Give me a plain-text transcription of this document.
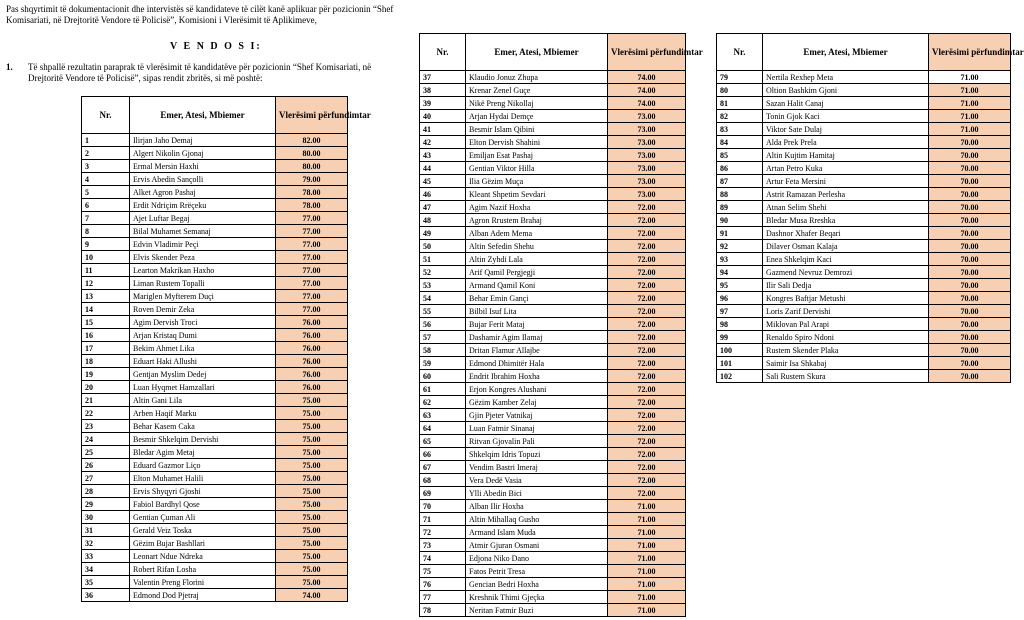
Pas shqyrtimit të dokumentacionit dhe intervistës së kandidateve të cilët kanë aplikuar për pozicionin “Shef Komisariati, në Drejtoritë Vendore të Policisë”, Komisioni i Vlerësimit të Aplikimeve,
V E N D O S I:
1. Të shpallë rezultatin paraprak të vlerësimit të kandidatëve për pozicionin “Shef Komisariati, në Drejtoritë Vendore të Policisë”, sipas rendit zbritës, si më poshtë:
Nr.	Emer, Atesi, Mbiemer	Vlerësimi përfundimtar
1	Ilirjan Jaho Demaj	82.00
2	Algert Nikolin Gjonaj	80.00
3	Ermal Mersin Haxhi	80.00
4	Ervis Abedin Sançolli	79.00
5	Alket Agron Pashaj	78.00
6	Erdit Ndriçim Rrëçeku	78.00
7	Ajet Luftar Begaj	77.00
8	Bilal Muhamet Semanaj	77.00
9	Edvin Vladimir Peçi	77.00
10	Elvis Skender Peza	77.00
11	Learton Makrikan Haxho	77.00
12	Liman Rustem Topalli	77.00
13	Mariglen Myfterem Duçi	77.00
14	Roven Demir Zeka	77.00
15	Agim Dervish Troci	76.00
16	Arjan Kristaq Dumi	76.00
17	Bekim Ahmet Lika	76.00
18	Eduart Haki Allushi	76.00
19	Gentjan Myslim Dedej	76.00
20	Luan Hyqmet Hamzallari	76.00
21	Altin Gani Lila	75.00
22	Arben Haqif Marku	75.00
23	Behar Kasem Caka	75.00
24	Besmir Shkelqim Dervishi	75.00
25	Bledar Agim Metaj	75.00
26	Eduard Gazmor Liço	75.00
27	Elton Muhamet Halili	75.00
28	Ervis Shyqyri Gjoshi	75.00
29	Fabiol Bardhyl Qose	75.00
30	Gentian Çuman Ali	75.00
31	Gerald Veiz Toska	75.00
32	Gëzim Bujar Bashllari	75.00
33	Leonart Ndue Ndreka	75.00
34	Robert Rifan Losha	75.00
35	Valentin Preng Florini	75.00
36	Edmond Dod Pjetraj	74.00
Nr.	Emer, Atesi, Mbiemer	Vlerësimi përfundimtar
37	Klaudio Jonuz Zhupa	74.00
38	Krenar Zenel Guçe	74.00
39	Nikë Preng Nikollaj	74.00
40	Arjan Hydai Demçe	73.00
41	Besmir Islam Qibini	73.00
42	Elton Dervish Shahini	73.00
43	Emiljan Esat Pashaj	73.00
44	Gentian Viktor Hilla	73.00
45	Ilia Gëzim Muça	73.00
46	Kleant Shpetim Sevdari	73.00
47	Agim Nazif Hoxha	72.00
48	Agron Rrustem Brahaj	72.00
49	Alban Adem Mema	72.00
50	Altin Sefedin Shehu	72.00
51	Altin Zyhdi Lala	72.00
52	Arif Qamil Pergjegji	72.00
53	Armand Qamil Koni	72.00
54	Behar Emin Gançi	72.00
55	Bilbil Isuf Lita	72.00
56	Bujar Ferit Mataj	72.00
57	Dashamir Agim Ilamaj	72.00
58	Dritan Flamur Allajbe	72.00
59	Edmond Dhimitër Hala	72.00
60	Endrit Ibrahim Hoxha	72.00
61	Erjon Kongres Alushani	72.00
62	Gëzim Kamber Zelaj	72.00
63	Gjin Pjeter Vatnikaj	72.00
64	Luan Fatmir Sinanaj	72.00
65	Ritvan Gjovalin Pali	72.00
66	Shkelqim Idris Topuzi	72.00
67	Vendim Bastri Imeraj	72.00
68	Vera Dedë Vasia	72.00
69	Ylli Abedin Bici	72.00
70	Alban Ilir Hoxha	71.00
71	Altin Mihallaq Gusho	71.00
72	Armand Islam Muda	71.00
73	Atmir Gjuran Osmani	71.00
74	Edjona Niko Dano	71.00
75	Fatos Petrit Tresa	71.00
76	Gencian Bedri Hoxha	71.00
77	Kreshnik Thimi Gjeçka	71.00
78	Neritan Fatmir Buzi	71.00
Nr.	Emer, Atesi, Mbiemer	Vlerësimi përfundimtar
79	Nertila Rexhep Meta	71.00
80	Oltion Bashkim Gjoni	71.00
81	Sazan Halit Canaj	71.00
82	Tonin Gjok Kaci	71.00
83	Viktor Sate Dulaj	71.00
84	Alda Prek Prela	70.00
85	Altin Kujtim Hamitaj	70.00
86	Artan Petro Kuka	70.00
87	Artur Feta Mersini	70.00
88	Astrit Ramazan Perlesha	70.00
89	Atnan Selim Shehi	70.00
90	Bledar Musa Rreshka	70.00
91	Dashnor Xhafer Beqari	70.00
92	Dilaver Osman Kalaja	70.00
93	Enea Shkelqim Kaci	70.00
94	Gazmend Nevruz Demrozi	70.00
95	Ilir Sali Dedja	70.00
96	Kongres Baftjar Metushi	70.00
97	Loris Zarif Dervishi	70.00
98	Miklovan Pal Arapi	70.00
99	Renaldo Spiro Ndoni	70.00
100	Rustem Skender Plaka	70.00
101	Saimir Isa Shkabaj	70.00
102	Sali Rustem Skura	70.00
